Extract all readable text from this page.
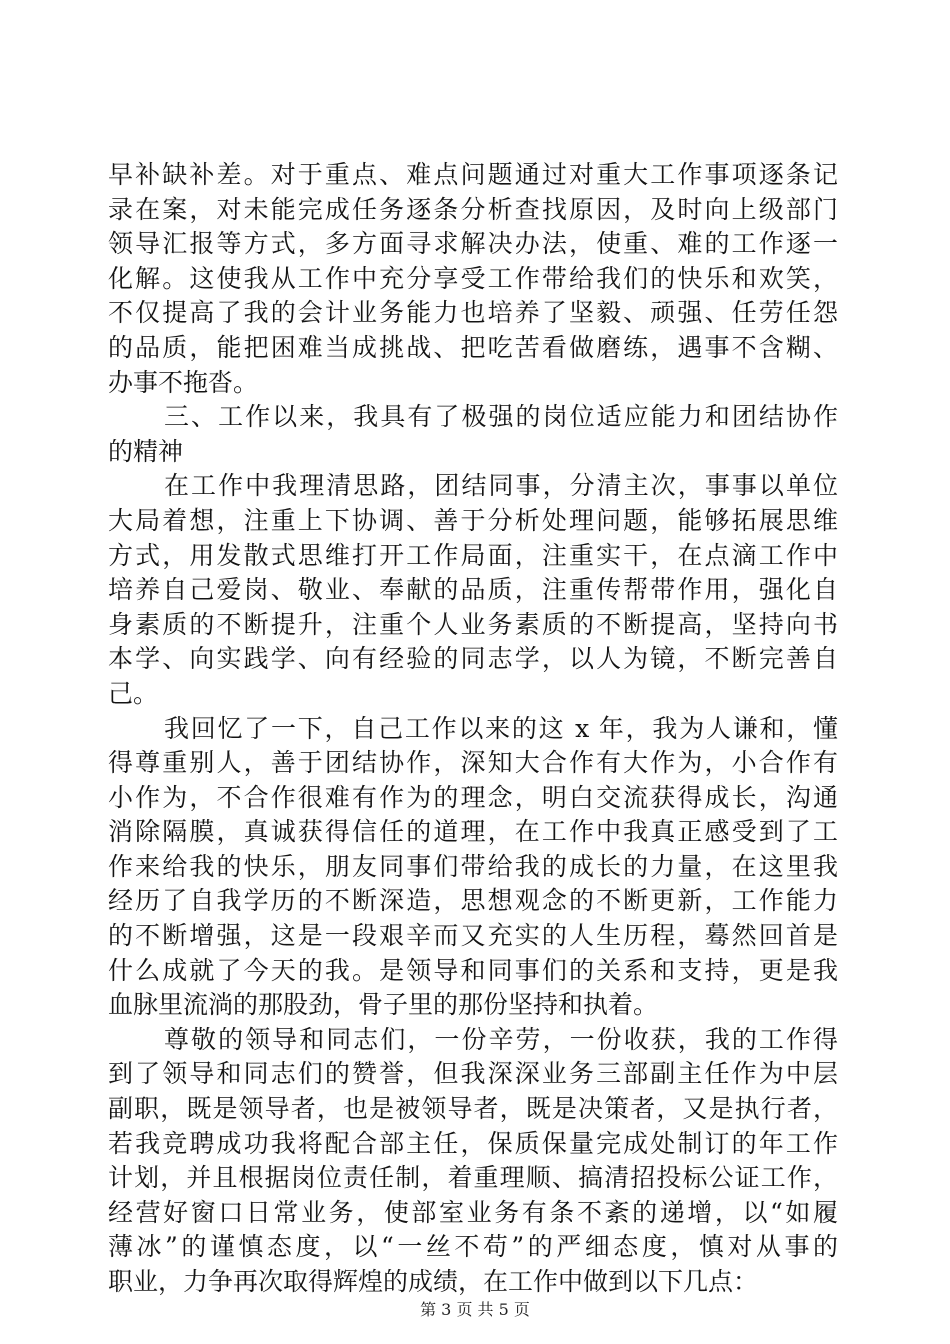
早补缺补差。对于重点、难点问题通过对重大工作事项逐条记
录在案，对未能完成任务逐条分析查找原因，及时向上级部门
领导汇报等方式，多方面寻求解决办法，使重、难的工作逐一
化解。这使我从工作中充分享受工作带给我们的快乐和欢笑，
不仅提高了我的会计业务能力也培养了坚毅、顽强、任劳任怨
的品质，能把困难当成挑战、把吃苦看做磨练，遇事不含糊、
办事不拖沓。
三、工作以来，我具有了极强的岗位适应能力和团结协作
的精神
在工作中我理清思路，团结同事，分清主次，事事以单位
大局着想，注重上下协调、善于分析处理问题，能够拓展思维
方式，用发散式思维打开工作局面，注重实干，在点滴工作中
培养自己爱岗、敬业、奉献的品质，注重传帮带作用，强化自
身素质的不断提升，注重个人业务素质的不断提高，坚持向书
本学、向实践学、向有经验的同志学，以人为镜，不断完善自
己。
我回忆了一下，自己工作以来的这 x 年，我为人谦和，懂
得尊重别人，善于团结协作，深知大合作有大作为，小合作有
小作为，不合作很难有作为的理念，明白交流获得成长，沟通
消除隔膜，真诚获得信任的道理，在工作中我真正感受到了工
作来给我的快乐，朋友同事们带给我的成长的力量，在这里我
经历了自我学历的不断深造，思想观念的不断更新，工作能力
的不断增强，这是一段艰辛而又充实的人生历程，蓦然回首是
什么成就了今天的我。是领导和同事们的关系和支持，更是我
血脉里流淌的那股劲，骨子里的那份坚持和执着。
尊敬的领导和同志们，一份辛劳，一份收获，我的工作得
到了领导和同志们的赞誉，但我深深业务三部副主任作为中层
副职，既是领导者，也是被领导者，既是决策者，又是执行者，
若我竞聘成功我将配合部主任，保质保量完成处制订的年工作
计划，并且根据岗位责任制，着重理顺、搞清招投标公证工作，
经营好窗口日常业务，使部室业务有条不紊的递增，以“如履
薄冰”的谨慎态度，以“一丝不苟”的严细态度，慎对从事的
职业，力争再次取得辉煌的成绩，在工作中做到以下几点：
第 3 页 共 5 页
